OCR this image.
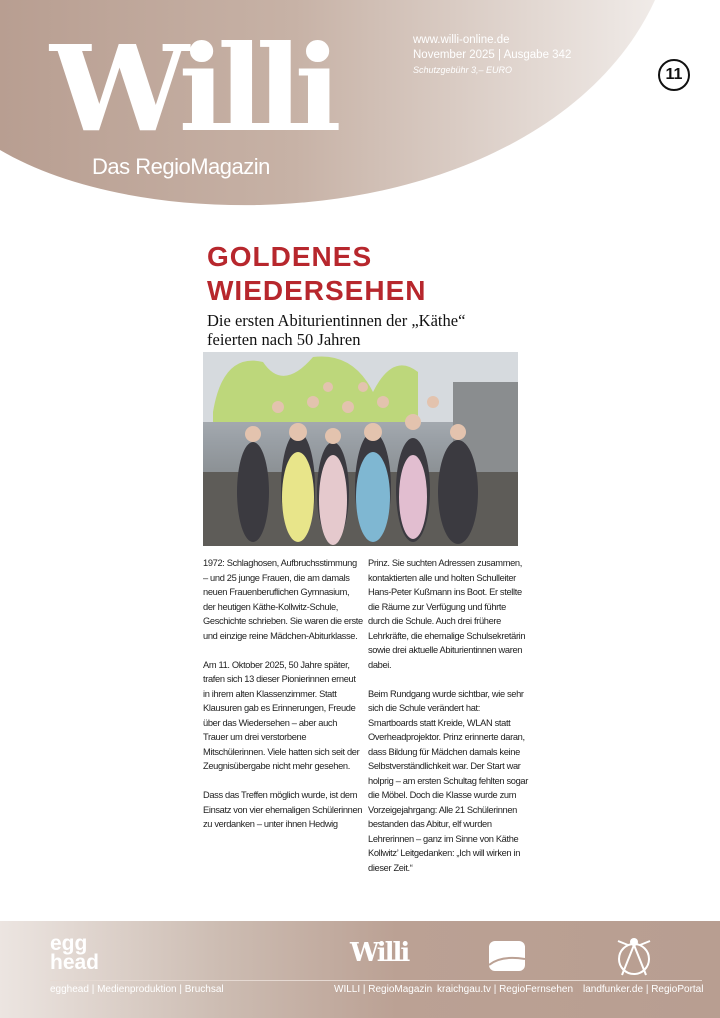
Willi
Das RegioMagazin
www.willi-online.de
November 2025 | Ausgabe 342
Schutzgebühr 3,– EURO	11
GOLDENES
WIEDERSEHEN
Die ersten Abiturientinnen der „Käthe“
feierten nach 50 Jahren

1972: Schlaghosen, Aufbruchsstimmung – und 25 junge Frauen, die am damals neuen Frauenberuflichen Gymnasium, der heutigen Käthe-Kollwitz-Schule, Geschichte schrieben. Sie waren die erste und einzige reine Mädchen-Abiturklasse.

Am 11. Oktober 2025, 50 Jahre später, trafen sich 13 dieser Pionierinnen erneut in ihrem alten Klassenzimmer. Statt Klausuren gab es Erinnerungen, Freude über das Wiedersehen – aber auch Trauer um drei verstorbene Mitschülerinnen. Viele hatten sich seit der Zeugnisübergabe nicht mehr gesehen.

Dass das Treffen möglich wurde, ist dem Einsatz von vier ehemaligen Schülerinnen zu verdanken – unter ihnen Hedwig

Prinz. Sie suchten Adressen zusammen, kontaktierten alle und holten Schulleiter Hans-Peter Kußmann ins Boot. Er stellte die Räume zur Verfügung und führte durch die Schule. Auch drei frühere Lehrkräfte, die ehemalige Schulsekretärin sowie drei aktuelle Abiturientinnen waren dabei.

Beim Rundgang wurde sichtbar, wie sehr sich die Schule verändert hat: Smartboards statt Kreide, WLAN statt Overheadprojektor. Prinz erinnerte daran, dass Bildung für Mädchen damals keine Selbstverständlichkeit war. Der Start war holprig – am ersten Schultag fehlten sogar die Möbel. Doch die Klasse wurde zum Vorzeigejahrgang: Alle 21 Schülerinnen bestanden das Abitur, elf wurden Lehrerinnen – ganz im Sinne von Käthe Kollwitz’ Leitgedanken: „Ich will wirken in dieser Zeit.“

egg
head	Willi
egghead | Medienproduktion | Bruchsal	WILLI | RegioMagazin kraichgau.tv | RegioFernsehen landfunker.de | RegioPortal
